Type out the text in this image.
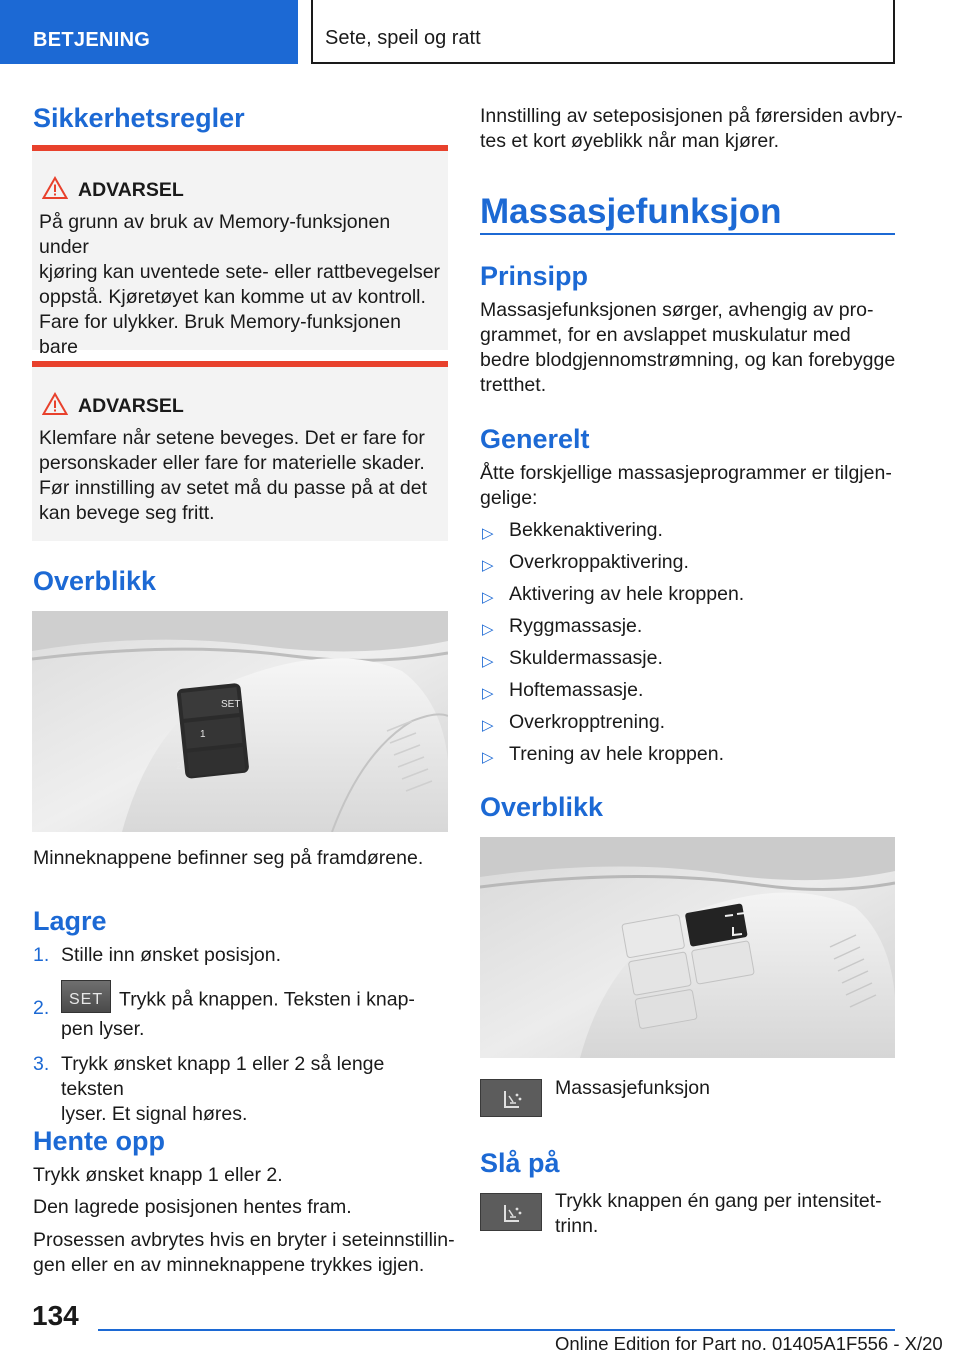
BETJENING	Sete, speil og ratt
Sikkerhetsregler
ADVARSEL
På grunn av bruk av Memory-funksjonen under
kjøring kan uventede sete- eller rattbevegelser
oppstå. Kjøretøyet kan komme ut av kontroll.
Fare for ulykker. Bruk Memory-funksjonen bare
ADVARSEL
Klemfare når setene beveges. Det er fare for
personskader eller fare for materielle skader.
Før innstilling av setet må du passe på at det
kan bevege seg fritt.
Overblikk
SET
1
2
Minneknappene befinner seg på framdørene.
Lagre
1. Stille inn ønsket posisjon.
2. SET Trykk på knappen. Teksten i knap-
pen lyser.
3. Trykk ønsket knapp 1 eller 2 så lenge teksten
lyser. Et signal høres.
Hente opp
Trykk ønsket knapp 1 eller 2.
Den lagrede posisjonen hentes fram.
Prosessen avbrytes hvis en bryter i seteinnstillin-
gen eller en av minneknappene trykkes igjen.
Innstilling av seteposisjonen på førersiden avbry-
tes et kort øyeblikk når man kjører.
Massasjefunksjon
Prinsipp
Massasjefunksjonen sørger, avhengig av pro-
grammet, for en avslappet muskulatur med
bedre blodgjennomstrømning, og kan forebygge
tretthet.
Generelt
Åtte forskjellige massasjeprogrammer er tilgjen-
gelige:
▷ Bekkenaktivering.
▷ Overkroppaktivering.
▷ Aktivering av hele kroppen.
▷ Ryggmassasje.
▷ Skuldermassasje.
▷ Hoftemassasje.
▷ Overkropptrening.
▷ Trening av hele kroppen.
Overblikk
Massasjefunksjon
Slå på
Trykk knappen én gang per intensitet-
trinn.
134
Online Edition for Part no. 01405A1F556 - X/20
